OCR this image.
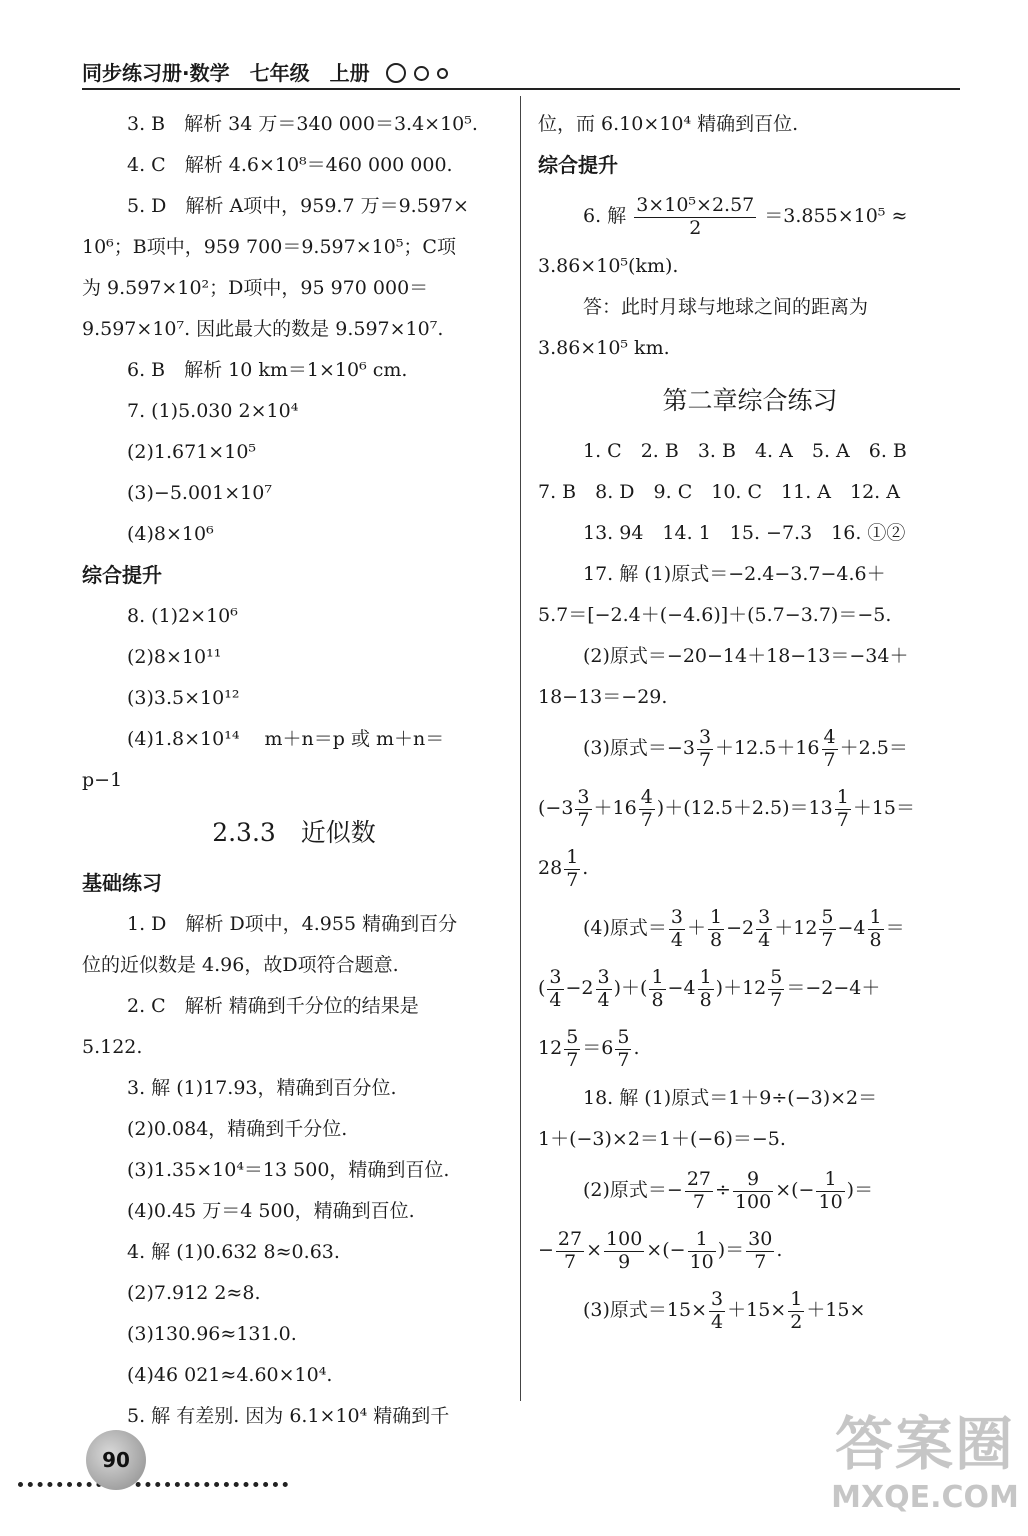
同步练习册·数学　七年级　上册
3. B　解析 34 万＝340 000＝3.4×10⁵.
4. C　解析 4.6×10⁸＝460 000 000.
5. D　解析 A项中，959.7 万＝9.597×
10⁶；B项中，959 700＝9.597×10⁵；C项
为 9.597×10²；D项中，95 970 000＝
9.597×10⁷. 因此最大的数是 9.597×10⁷.
6. B　解析 10 km＝1×10⁶ cm.
7. (1)5.030 2×10⁴
(2)1.671×10⁵
(3)−5.001×10⁷
(4)8×10⁶
综合提升
8. (1)2×10⁶
(2)8×10¹¹
(3)3.5×10¹²
(4)1.8×10¹⁴　 m＋n＝p 或 m＋n＝
p−1
2.3.3　近似数
基础练习
1. D　解析 D项中，4.955 精确到百分
位的近似数是 4.96，故D项符合题意.
2. C　解析 精确到千分位的结果是
5.122.
3. 解 (1)17.93，精确到百分位.
(2)0.084，精确到千分位.
(3)1.35×10⁴＝13 500，精确到百位.
(4)0.45 万＝4 500，精确到百位.
4. 解 (1)0.632 8≈0.63.
(2)7.912 2≈8.
(3)130.96≈131.0.
(4)46 021≈4.60×10⁴.
5. 解 有差别. 因为 6.1×10⁴ 精确到千
位，而 6.10×10⁴ 精确到百位.
综合提升
6. 解 $\frac{\text{3×10⁵×2.57}}{2} =3.855\times 10^5$ ≈
3.86×10⁵(km).
答：此时月球与地球之间的距离为
3.86×10⁵ km.
第二章综合练习
1. C　2. B　3. B　4. A　5. A　6. B
7. B　8. D　9. C　10. C　11. A　12. A
13. 94　14. 1　15. −7.3　16. ①②
17. 解 (1)原式＝−2.4−3.7−4.6＋
5.7＝[−2.4＋(−4.6)]＋(5.7−3.7)＝−5.
(2)原式＝−20−14＋18−13＝−34＋
18−13＝−29.
(3)原式$=-3 \frac{3}{7} +12.5+16 \frac{4}{7} +2.5=$
$(-3 \frac{3}{7} +16 \frac{4}{7} )+(12.5+2.5)=13 \frac{1}{7} +15=$
$28 \frac{1}{7}$ .
(4)原式＝ $\frac{3}{4} + \frac{1}{8} -2 \frac{3}{4} +12 \frac{5}{7} -4 \frac{1}{8}$ ＝
( $\frac{3}{4} -2 \frac{3}{4}$ )＋( $\frac{1}{8} -4 \frac{1}{8} )+12 \frac{5}{7} =-2-4+$
$12 \frac{5}{7} =6 \frac{5}{7}$ .
18. 解 (1)原式＝1＋9÷(−3)×2＝
1＋(−3)×2＝1＋(−6)＝−5.
(2)原式＝− $\frac{27}{7} \div \frac{9}{100}$ ×(− $\frac{1}{10}$ )＝
− $\frac{27}{7} \times \frac{100}{9}$ ×(− $\frac{1}{10}$ )＝ $\frac{30}{7}$ .
(3)原式$=15\times \frac{3}{4} +15\times \frac{1}{2} +15\times$
90	答案圈
MXQE.COM
